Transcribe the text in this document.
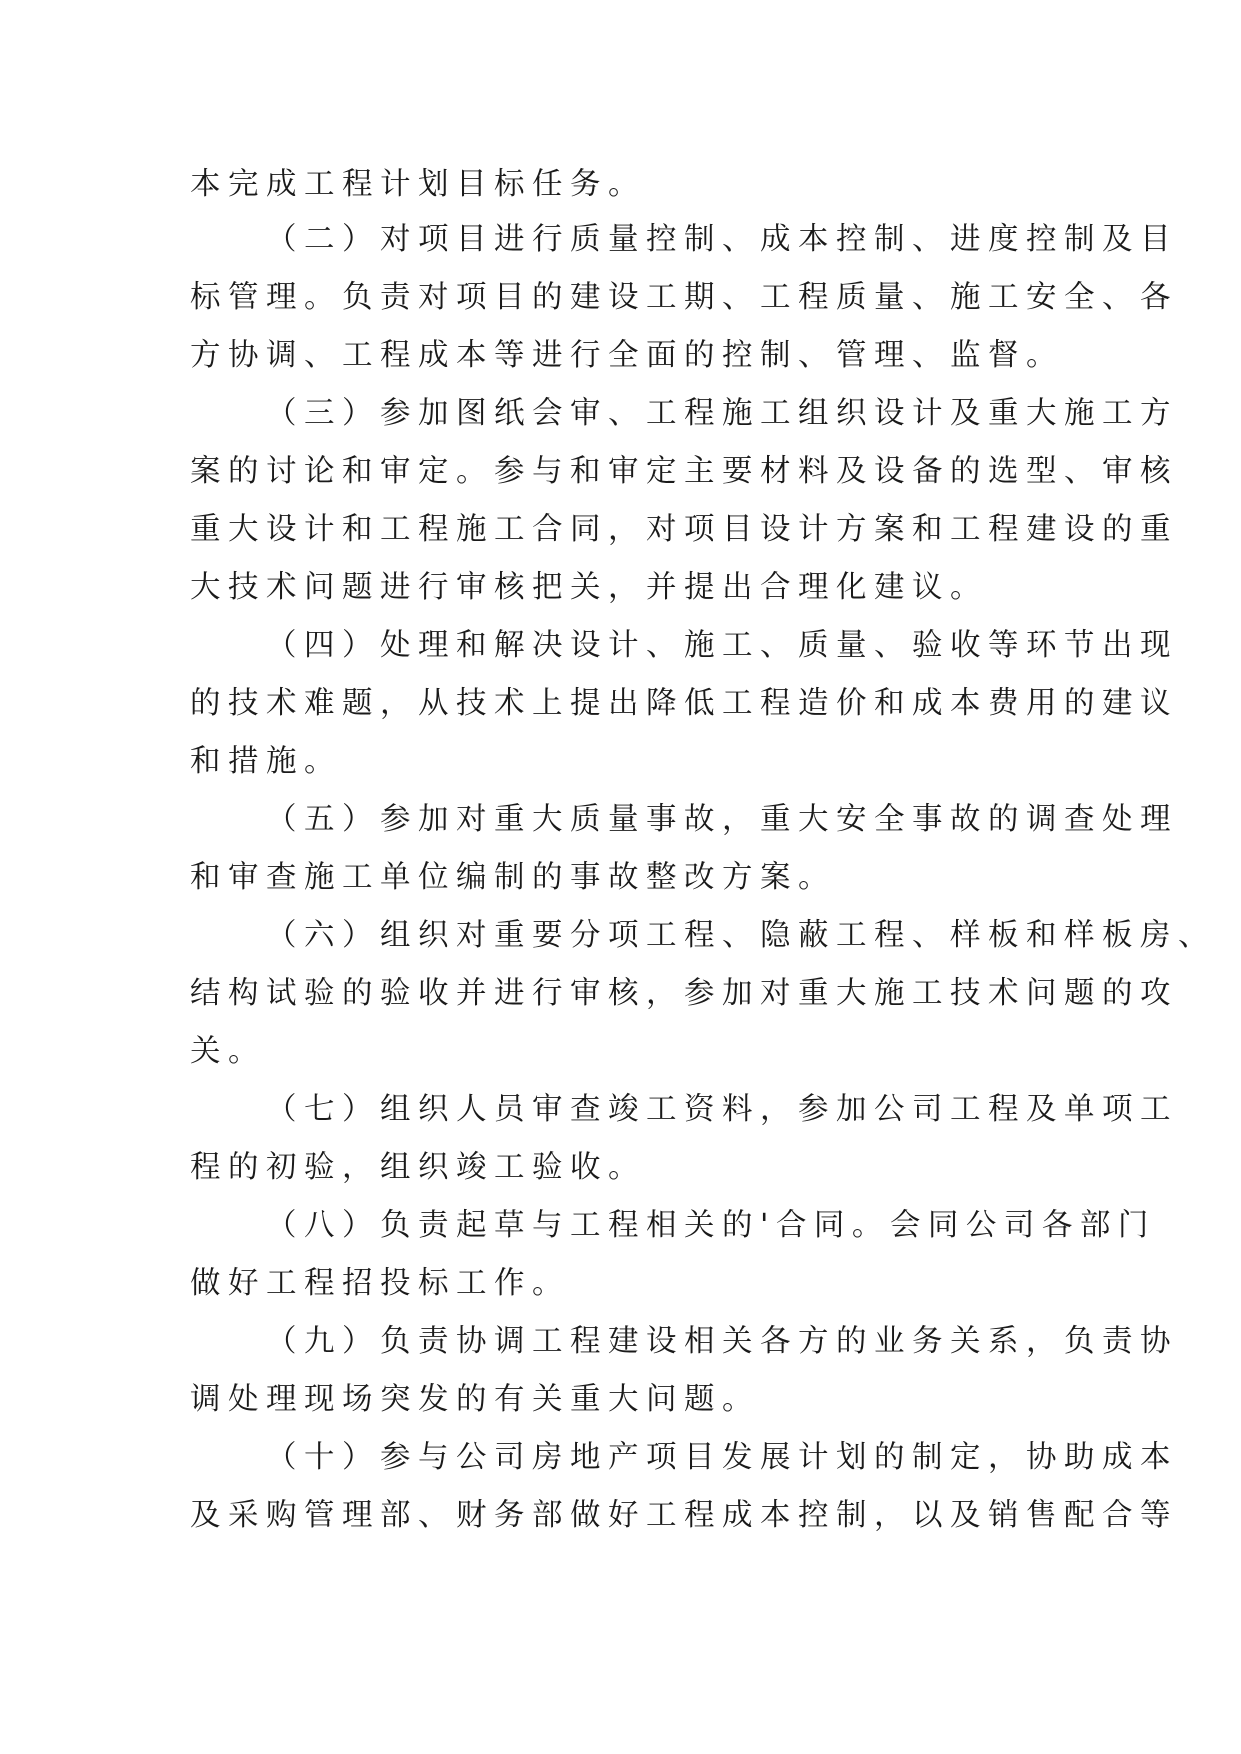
本完成工程计划目标任务。
（二）对项目进行质量控制、成本控制、进度控制及目
标管理。负责对项目的建设工期、工程质量、施工安全、各
方协调、工程成本等进行全面的控制、管理、监督。
（三）参加图纸会审、工程施工组织设计及重大施工方
案的讨论和审定。参与和审定主要材料及设备的选型、审核
重大设计和工程施工合同，对项目设计方案和工程建设的重
大技术问题进行审核把关，并提出合理化建议。
（四）处理和解决设计、施工、质量、验收等环节出现
的技术难题，从技术上提出降低工程造价和成本费用的建议
和措施。
（五）参加对重大质量事故，重大安全事故的调查处理
和审查施工单位编制的事故整改方案。
（六）组织对重要分项工程、隐蔽工程、样板和样板房、
结构试验的验收并进行审核，参加对重大施工技术问题的攻
关。
（七）组织人员审查竣工资料，参加公司工程及单项工
程的初验，组织竣工验收。
（八）负责起草与工程相关的'合同。会同公司各部门
做好工程招投标工作。
（九）负责协调工程建设相关各方的业务关系，负责协
调处理现场突发的有关重大问题。
（十）参与公司房地产项目发展计划的制定，协助成本
及采购管理部、财务部做好工程成本控制，以及销售配合等
